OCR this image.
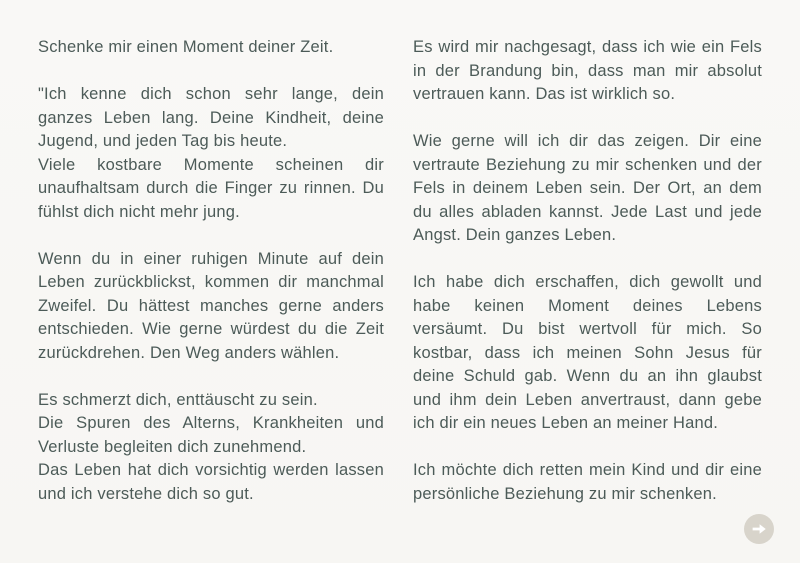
Schenke mir einen Moment deiner Zeit.

"Ich kenne dich schon sehr lange, dein ganzes Leben lang. Deine Kindheit, deine Jugend, und jeden Tag bis heute.

Viele kostbare Momente scheinen dir unaufhaltsam durch die Finger zu rinnen. Du fühlst dich nicht mehr jung.

Wenn du in einer ruhigen Minute auf dein Leben zurückblickst, kommen dir manchmal Zweifel. Du hättest manches gerne anders entschieden. Wie gerne würdest du die Zeit zurückdrehen. Den Weg anders wählen.

Es schmerzt dich, enttäuscht zu sein.

Die Spuren des Alterns, Krankheiten und Verluste begleiten dich zunehmend.

Das Leben hat dich vorsichtig werden lassen und ich verstehe dich so gut.

Es wird mir nachgesagt, dass ich wie ein Fels in der Brandung bin, dass man mir absolut vertrauen kann. Das ist wirklich so.

Wie gerne will ich dir das zeigen. Dir eine vertraute Beziehung zu mir schenken und der Fels in deinem Leben sein. Der Ort, an dem du alles abladen kannst. Jede Last und jede Angst. Dein ganzes Leben.

Ich habe dich erschaffen, dich gewollt und habe keinen Moment deines Lebens versäumt. Du bist wertvoll für mich. So kostbar, dass ich meinen Sohn Jesus für deine Schuld gab. Wenn du an ihn glaubst und ihm dein Leben anvertraust, dann gebe ich dir ein neues Leben an meiner Hand.

Ich möchte dich retten mein Kind und dir eine persönliche Beziehung zu mir schenken.
